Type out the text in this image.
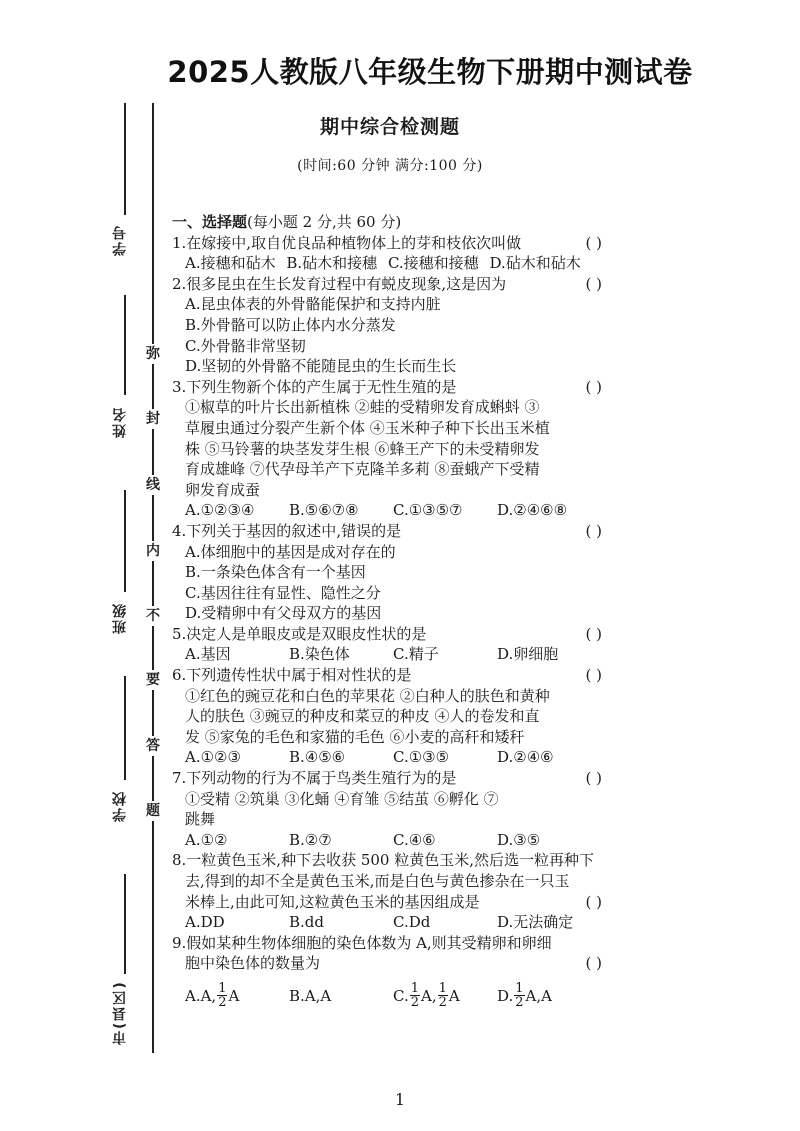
2025人教版八年级生物下册期中测试卷
学号
姓名
班级
学校
市(县区)
弥
封
线
内
不
要
答
题
期中综合检测题
(时间:60 分钟 满分:100 分)
一、选择题(每小题 2 分,共 60 分)
1.在嫁接中,取自优良品种植物体上的芽和枝依次叫做	( )
A.接穗和砧木 B.砧木和接穗 C.接穗和接穗 D.砧木和砧木
2.很多昆虫在生长发育过程中有蜕皮现象,这是因为	( )
A.昆虫体表的外骨骼能保护和支持内脏
B.外骨骼可以防止体内水分蒸发
C.外骨骼非常坚韧
D.坚韧的外骨骼不能随昆虫的生长而生长
3.下列生物新个体的产生属于无性生殖的是	( )
①椒草的叶片长出新植株 ②蛙的受精卵发育成蝌蚪 ③
草履虫通过分裂产生新个体 ④玉米种子种下长出玉米植
株 ⑤马铃薯的块茎发芽生根 ⑥蜂王产下的未受精卵发
育成雄峰 ⑦代孕母羊产下克隆羊多莉 ⑧蚕蛾产下受精
卵发育成蚕
A.①②③④	B.⑤⑥⑦⑧	C.①③⑤⑦	D.②④⑥⑧
4.下列关于基因的叙述中,错误的是	( )
A.体细胞中的基因是成对存在的
B.一条染色体含有一个基因
C.基因往往有显性、隐性之分
D.受精卵中有父母双方的基因
5.决定人是单眼皮或是双眼皮性状的是	( )
A.基因	B.染色体	C.精子	D.卵细胞
6.下列遗传性状中属于相对性状的是	( )
①红色的豌豆花和白色的苹果花 ②白种人的肤色和黄种
人的肤色 ③豌豆的种皮和菜豆的种皮 ④人的卷发和直
发 ⑤家兔的毛色和家猫的毛色 ⑥小麦的高秆和矮秆
A.①②③	B.④⑤⑥	C.①③⑤	D.②④⑥
7.下列动物的行为不属于鸟类生殖行为的是	( )
①受精 ②筑巢 ③化蛹 ④育雏 ⑤结茧 ⑥孵化 ⑦
跳舞
A.①②	B.②⑦	C.④⑥	D.③⑤
8.一粒黄色玉米,种下去收获 500 粒黄色玉米,然后选一粒再种下
去,得到的却不全是黄色玉米,而是白色与黄色掺杂在一只玉
米棒上,由此可知,这粒黄色玉米的基因组成是	( )
A.DD	B.dd	C.Dd	D.无法确定
9.假如某种生物体细胞的染色体数为 A,则其受精卵和卵细
胞中染色体的数量为	( )
A.A, $\frac{1}{2}$ A	B.A,A	C. $\frac{1}{2} A$, $\frac{1}{2}$ A	D. $\frac{1}{2} A,A$
1
